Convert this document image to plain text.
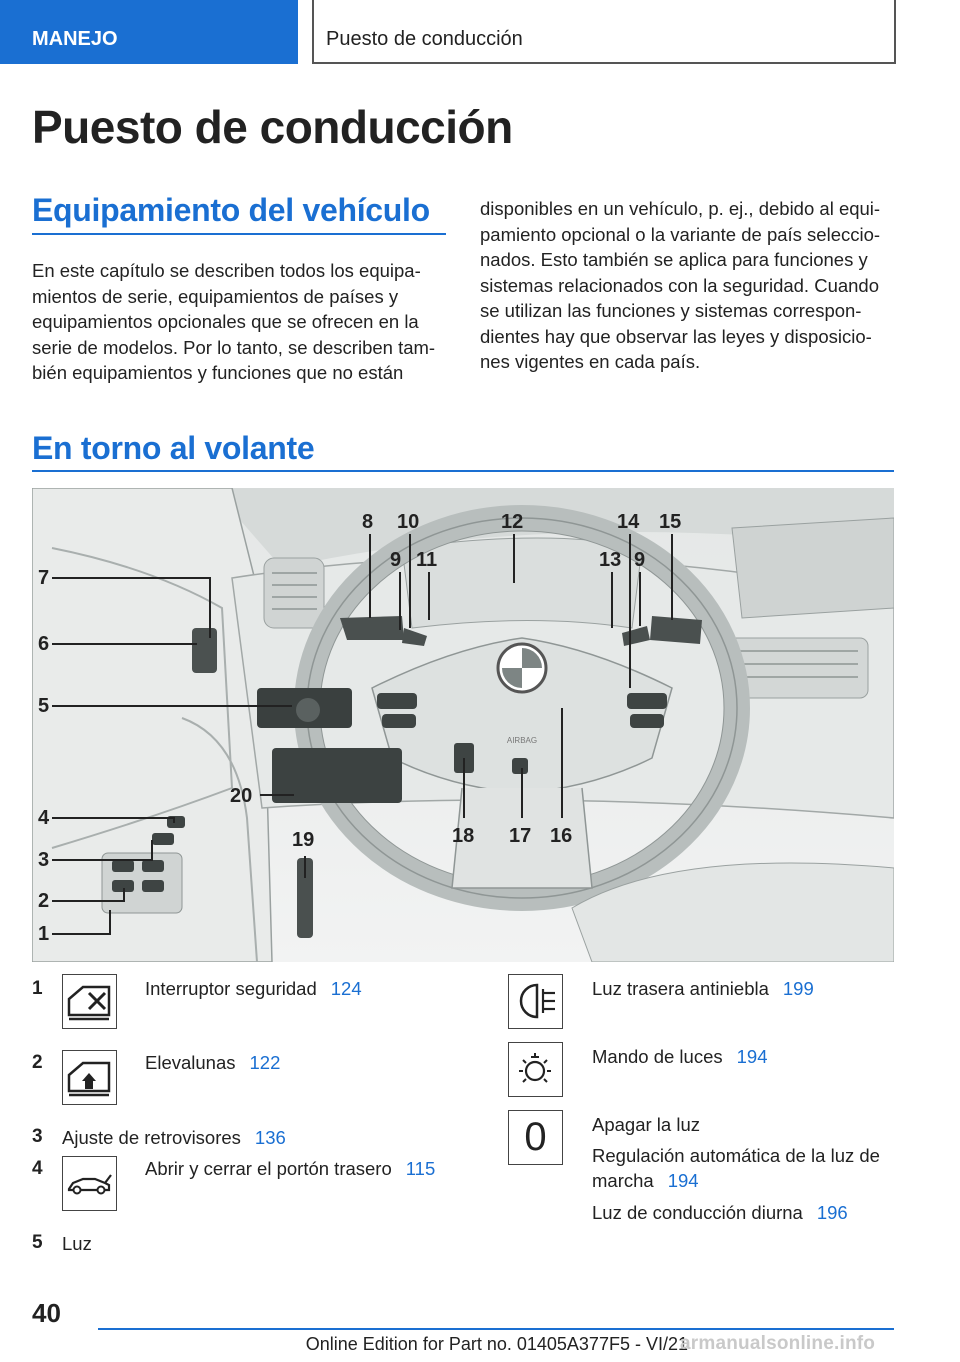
MANEJO	Puesto de conducción
Puesto de conducción
Equipamiento del vehículo
En este capítulo se describen todos los equipa-
mientos de serie, equipamientos de países y
equipamientos opcionales que se ofrecen en la
serie de modelos. Por lo tanto, se describen tam-
bién equipamientos y funciones que no están
disponibles en un vehículo, p. ej., debido al equi-
pamiento opcional o la variante de país seleccio-
nados. Esto también se aplica para funciones y
sistemas relacionados con la seguridad. Cuando
se utilizan las funciones y sistemas correspon-
dientes hay que observar las leyes y disposicio-
nes vigentes en cada país.
En torno al volante
AIRBAG
1
2
3
4
5
6
7
8
9
10
11
12
13
14
9
15
16
17
18
19
20
1	Interruptor seguridad 124
2	Elevalunas 122
3 Ajuste de retrovisores 136
4	Abrir y cerrar el portón trasero 115
5 Luz
Luz trasera antiniebla 199
Mando de luces 194
0 Apagar la luz
Regulación automática de la luz de
marcha 194
Luz de conducción diurna 196
40
Online Edition for Part no. 01405A377F5 - VI/21
armanualsonline.info
